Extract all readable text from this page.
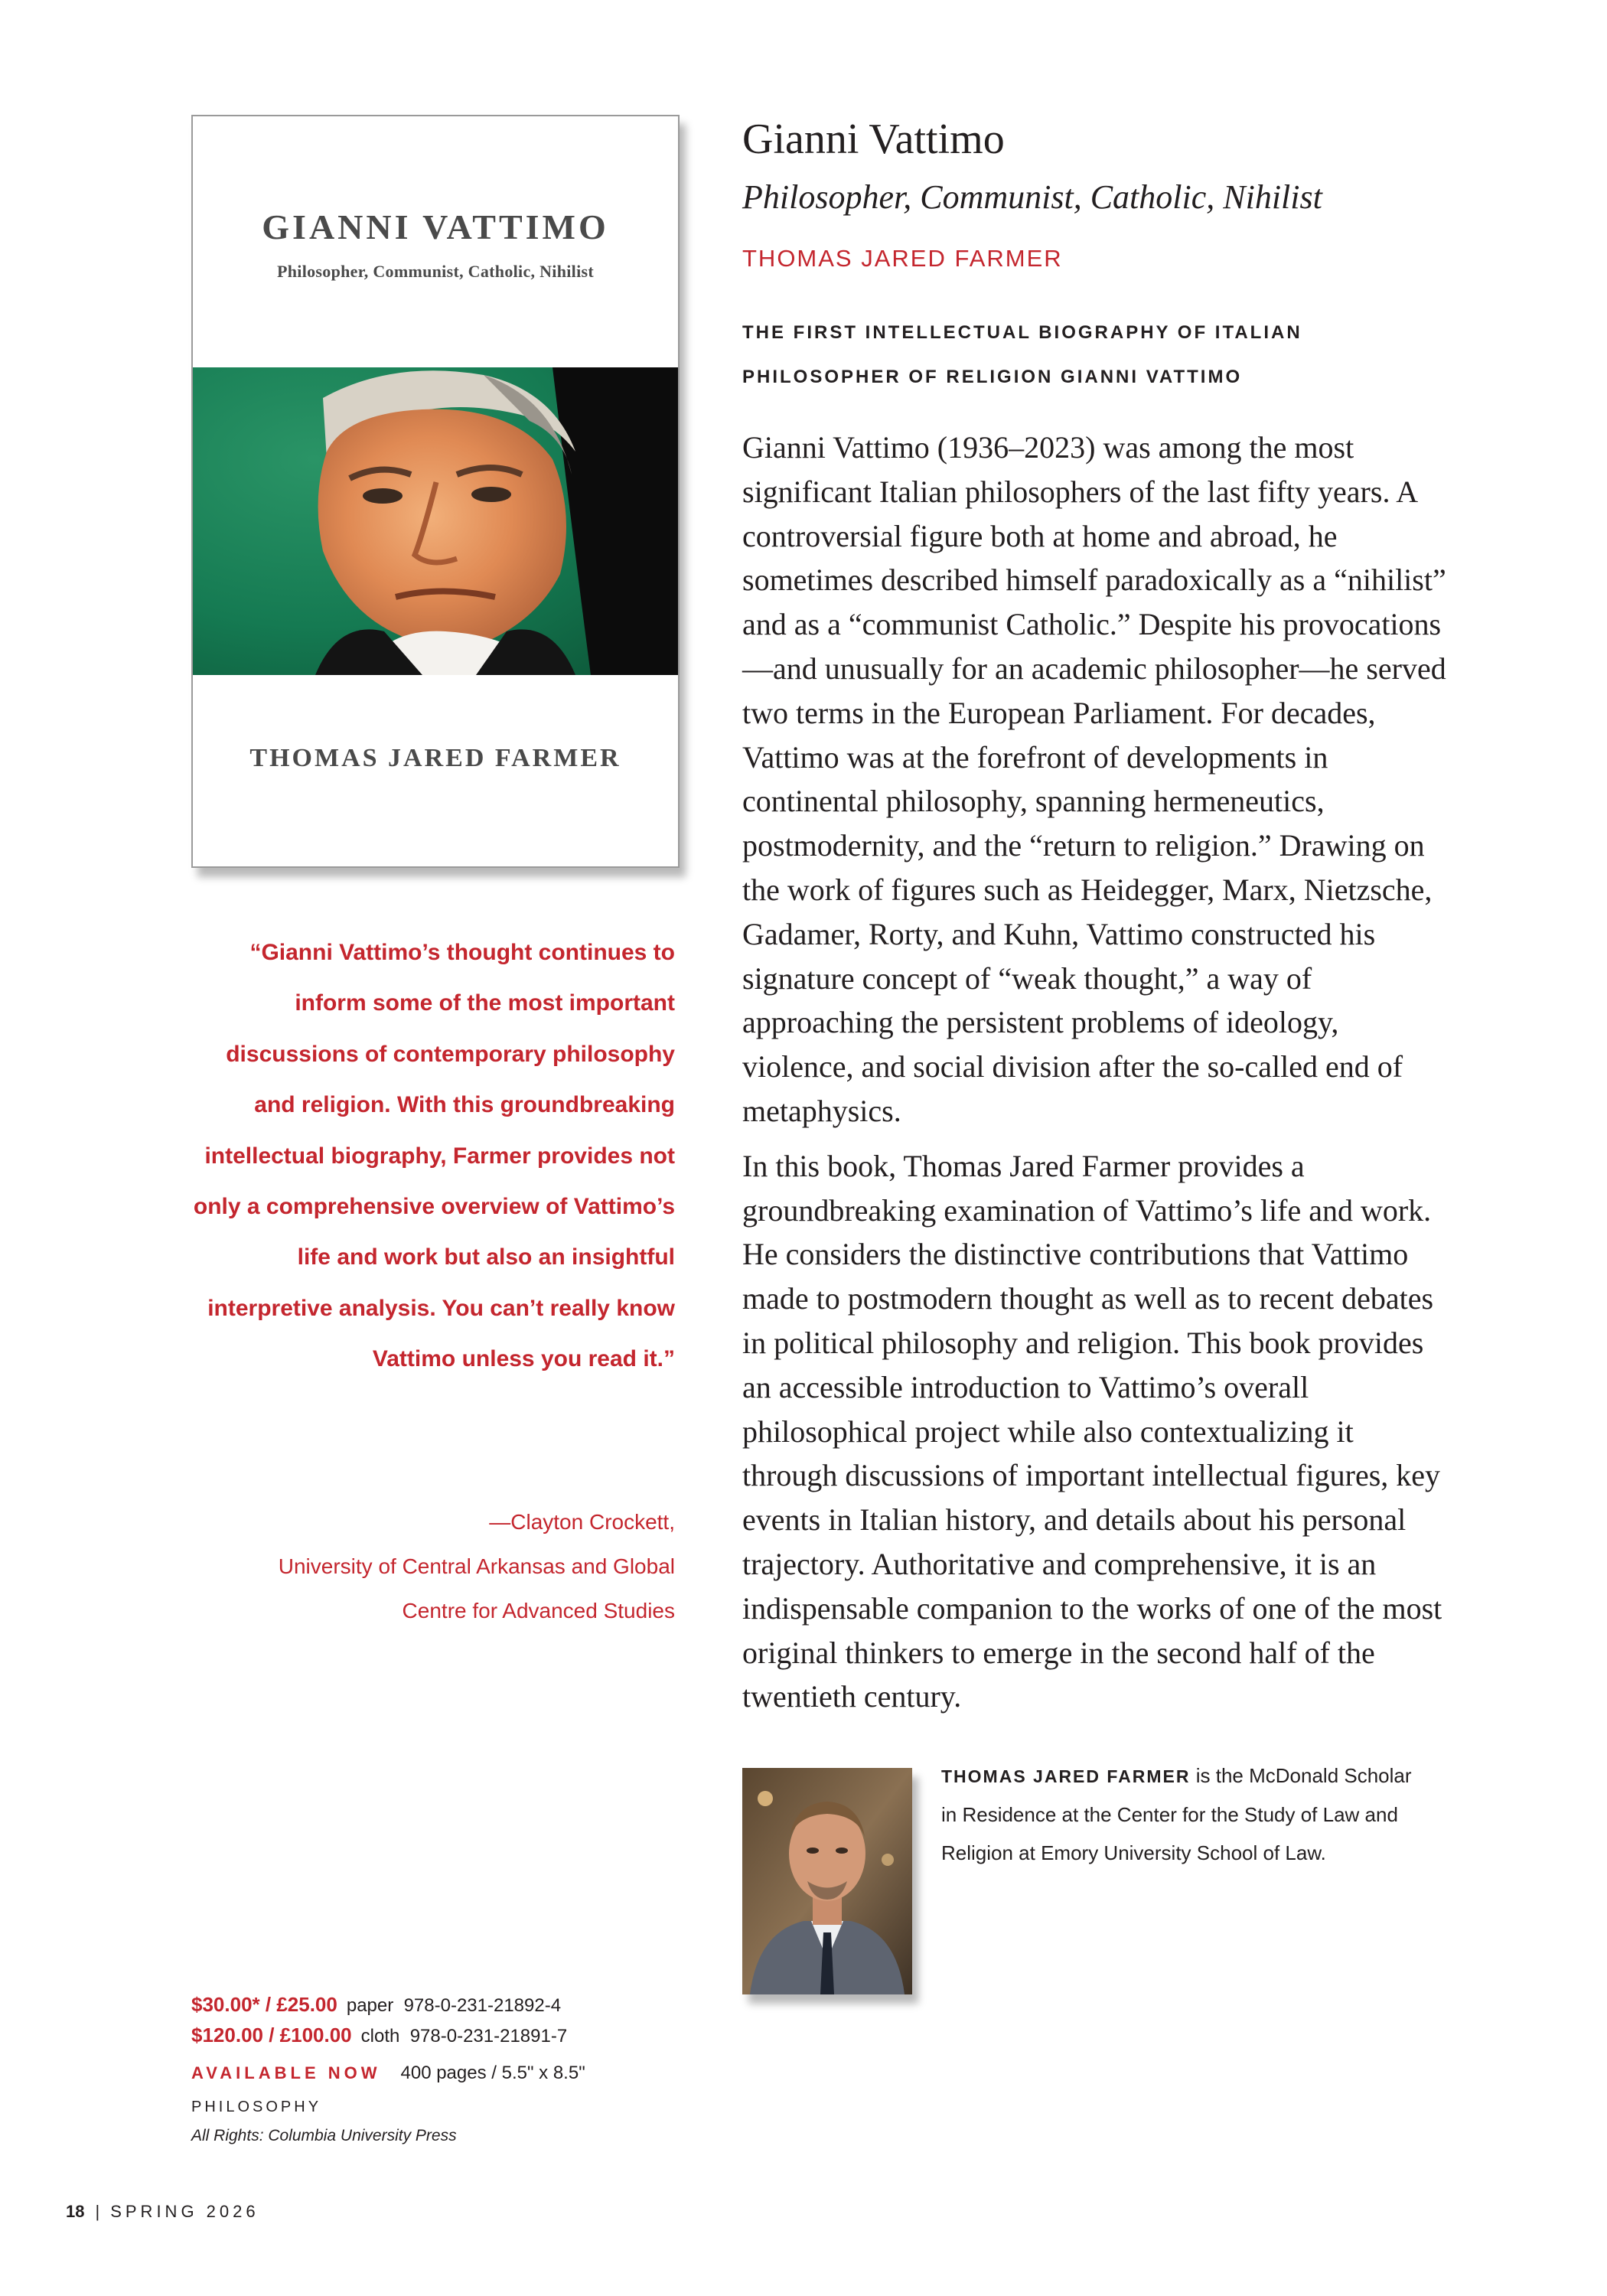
GIANNI VATTIMO
Philosopher, Communist, Catholic, Nihilist
THOMAS JARED FARMER
Gianni Vattimo
Philosopher, Communist, Catholic, Nihilist
THOMAS JARED FARMER
THE FIRST INTELLECTUAL BIOGRAPHY OF ITALIAN
PHILOSOPHER OF RELIGION GIANNI VATTIMO

Gianni Vattimo (1936–2023) was among the most significant Italian philosophers of the last fifty years. A controversial figure both at home and abroad, he sometimes described himself paradoxically as a “nihilist” and as a “communist Catholic.” Despite his provocations—and unusually for an academic philosopher—he served two terms in the European Parliament. For decades, Vattimo was at the forefront of developments in continental philosophy, spanning hermeneutics, postmodernity, and the “return to religion.” Drawing on the work of figures such as Heidegger, Marx, Nietzsche, Gadamer, Rorty, and Kuhn, Vattimo constructed his signature concept of “weak thought,” a way of approaching the persistent problems of ideology, violence, and social division after the so-called end of metaphysics.

In this book, Thomas Jared Farmer provides a groundbreaking examination of Vattimo’s life and work. He considers the distinctive contributions that Vattimo made to postmodern thought as well as to recent debates in political philosophy and religion. This book provides an accessible introduction to Vattimo’s overall philosophical project while also contextualizing it through discussions of important intellectual figures, key events in Italian history, and details about his personal trajectory. Authoritative and comprehensive, it is an indispensable companion to the works of one of the most original thinkers to emerge in the second half of the twentieth century.

“Gianni Vattimo’s thought continues to inform some of the most important discussions of contemporary philosophy and religion. With this groundbreaking intellectual biography, Farmer provides not only a comprehensive overview of Vattimo’s life and work but also an insightful interpretive analysis. You can’t really know Vattimo unless you read it.”
—Clayton Crockett,
University of Central Arkansas and Global
Centre for Advanced Studies
THOMAS JARED FARMER is the McDonald Scholar in Residence at the Center for the Study of Law and Religion at Emory University School of Law.
$30.00* / £25.00 paper 978-0-231-21892-4
$120.00 / £100.00 cloth 978-0-231-21891-7
AVAILABLE NOW 400 pages / 5.5" x 8.5"
PHILOSOPHY
All Rights: Columbia University Press
18 | SPRING 2026
